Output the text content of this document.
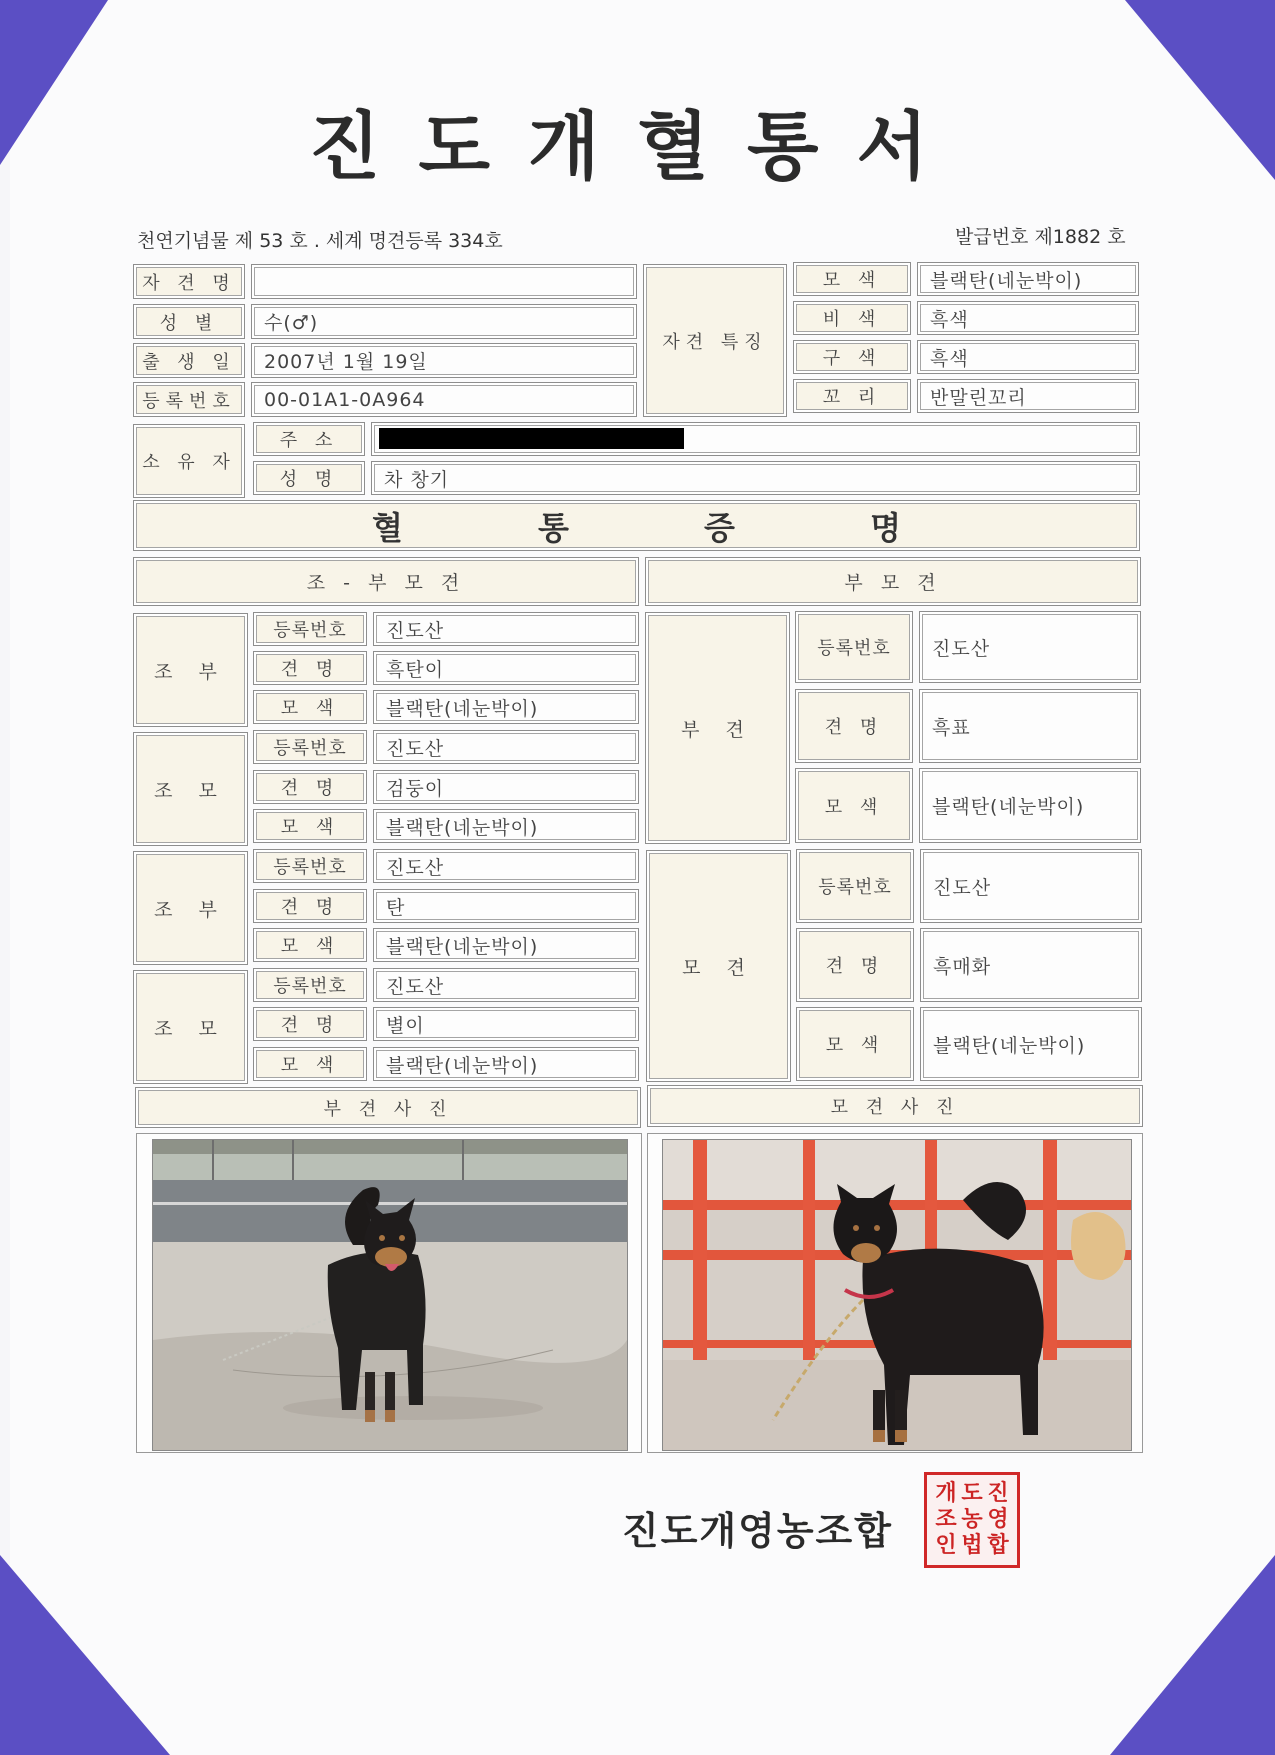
진도개혈통서
천연기념물 제 53 호 . 세계 명견등록 334호	발급번호 제1882 호
자 견 명
성 별	수(♂)
출 생 일	2007년 1월 19일
등록번호	00-01A1-0A964
자견 특징
모 색	블랙탄(네눈박이)
비 색	흑색
구 색	흑색
꼬 리	반말린꼬리
소 유 자
주 소
성 명	차 창기
혈 통 증 명
조 - 부 모 견	부 모 견
조 부
등록번호	진도산
견 명	흑탄이
모 색	블랙탄(네눈박이)
조 모
등록번호	진도산
견 명	검둥이
모 색	블랙탄(네눈박이)
조 부
등록번호	진도산
견 명	탄
모 색	블랙탄(네눈박이)
조 모
등록번호	진도산
견 명	별이
모 색	블랙탄(네눈박이)
부 견
등록번호	진도산
견 명	흑표
모 색	블랙탄(네눈박이)
모 견
등록번호	진도산
견 명	흑매화
모 색	블랙탄(네눈박이)
부 견 사 진	모 견 사 진
진도개영농조합
진
도
개
영
농
조
합
법
인
